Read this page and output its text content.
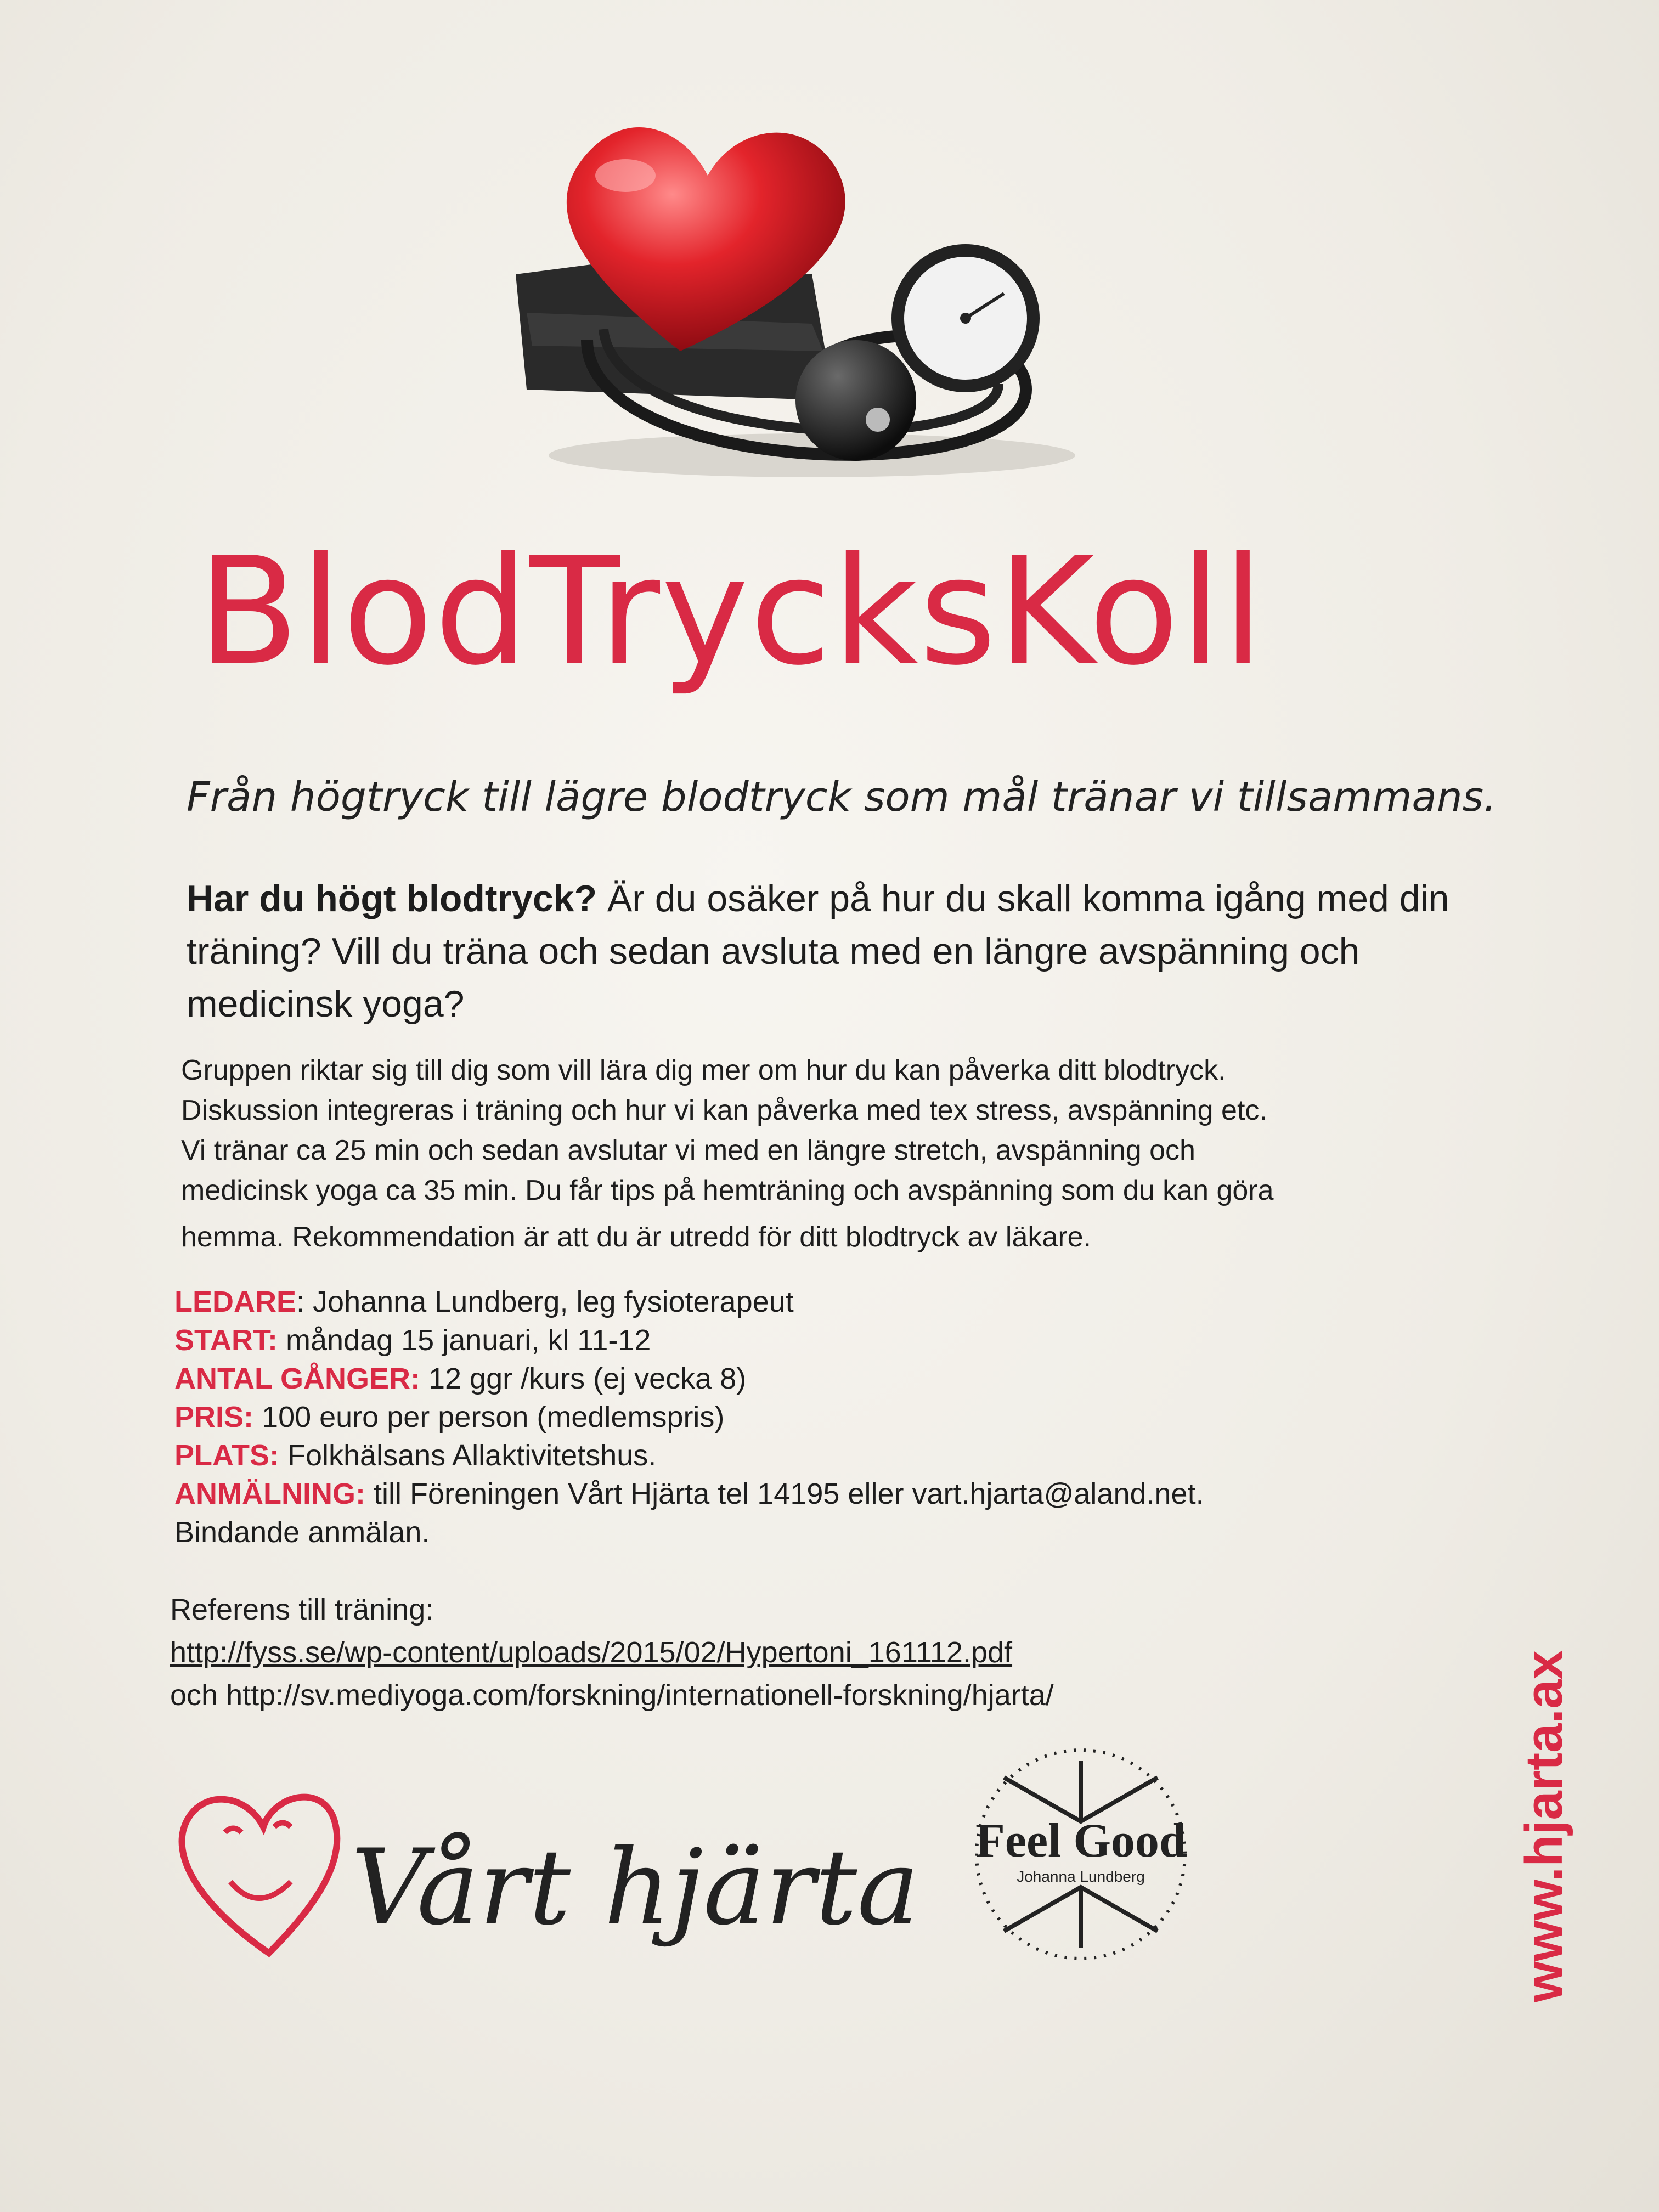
BlodTrycksKoll
Från högtryck till lägre blodtryck som mål tränar vi tillsammans.
Har du högt blodtryck? Är du osäker på hur du skall komma igång med din träning? Vill du träna och sedan avsluta med en längre avspänning och medicinsk yoga?

Gruppen riktar sig till dig som vill lära dig mer om hur du kan påverka ditt blodtryck.

Diskussion integreras i träning och hur vi kan påverka med tex stress, avspänning etc.

Vi tränar ca 25 min och sedan avslutar vi med en längre stretch, avspänning och

medicinsk yoga ca 35 min. Du får tips på hemträning och avspänning som du kan göra

hemma. Rekommendation är att du är utredd för ditt blodtryck av läkare.

LEDARE: Johanna Lundberg, leg fysioterapeut
START: måndag 15 januari, kl 11-12
ANTAL GÅNGER: 12 ggr /kurs (ej vecka 8)
PRIS: 100 euro per person (medlemspris)
PLATS: Folkhälsans Allaktivitetshus.
ANMÄLNING: till Föreningen Vårt Hjärta tel 14195 eller vart.hjarta@aland.net.
Bindande anmälan.
Referens till träning:
http://fyss.se/wp-content/uploads/2015/02/Hypertoni_161112.pdf
och http://sv.mediyoga.com/forskning/internationell-forskning/hjarta/
Vårt hjärta Feel Good
Johanna Lundberg	www.hjarta.ax
